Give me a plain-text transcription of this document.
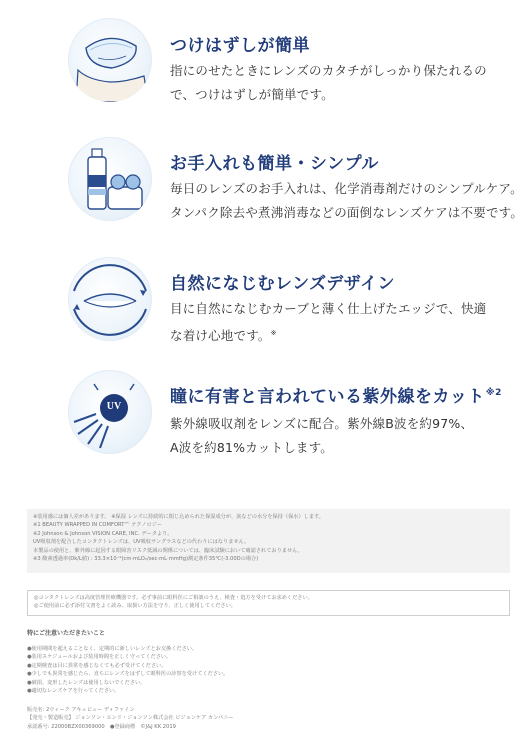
つけはずしが簡単
指にのせたときにレンズのカタチがしっかり保たれるの
で、つけはずしが簡単です。
お手入れも簡単・シンプル
毎日のレンズのお手入れは、化学消毒剤だけのシンプルケア。
タンパク除去や煮沸消毒などの面倒なレンズケアは不要です。
自然になじむレンズデザイン
目に自然になじむカーブと薄く仕上げたエッジで、快適
な着け心地です。※
UV	瞳に有害と言われている紫外線をカット$^{※2}$
紫外線吸収剤をレンズに配合。紫外線B波を約97%、
A波を約81%カットします。
※装用感には個人差があります。 ※保湿 レンズに持続的に閉じ込められた保湿成分が、涙などの水分を保持（保水）します。
※1 BEAUTY WRAPPED IN COMFORT™ テクノロジー
※2 Johnson & Johnson VISION CARE, INC. データより。
UV吸収剤を配合したコンタクトレンズは、UV吸収サングラスなどの代わりにはなりません。
本製品の使用と、紫外線に起因する眼障害リスク低減の関係については、臨床試験において確認されておりません。
※3 酸素透過率(Dk/L値) : 33.3×10⁻⁹(cm·mLO₂/sec·mL·mmHg)測定条件35℃(-3.00Dの場合)
◎コンタクトレンズは高度管理医療機器です。必ず事前に眼科医にご相談のうえ、検査・処方を受けてお求めください。
◎ご使用前に必ず添付文書をよく読み、取扱い方法を守り、正しく使用してください。
特にご注意いただきたいこと
●使用期間を超えることなく、定期的に新しいレンズとお交換ください。
●装用スケジュールおよび装用時間を正しく守ってください。
●定期検査は目に異常を感じなくても必ず受けてください。
●少しでも異常を感じたら、直ちにレンズをはずして眼科医の診察を受けてください。
●破損、変形したレンズは使用しないでください。
●適切なレンズケアを行ってください。
販売名: 2ウィーク アキュビュー ディファイン
【発売・製造販売】 ジョンソン・エンド・ジョンソン株式会社 ビジョンケア カンパニー
承認番号: 22000BZX00369000　●登録商標　©J&J KK 2019
